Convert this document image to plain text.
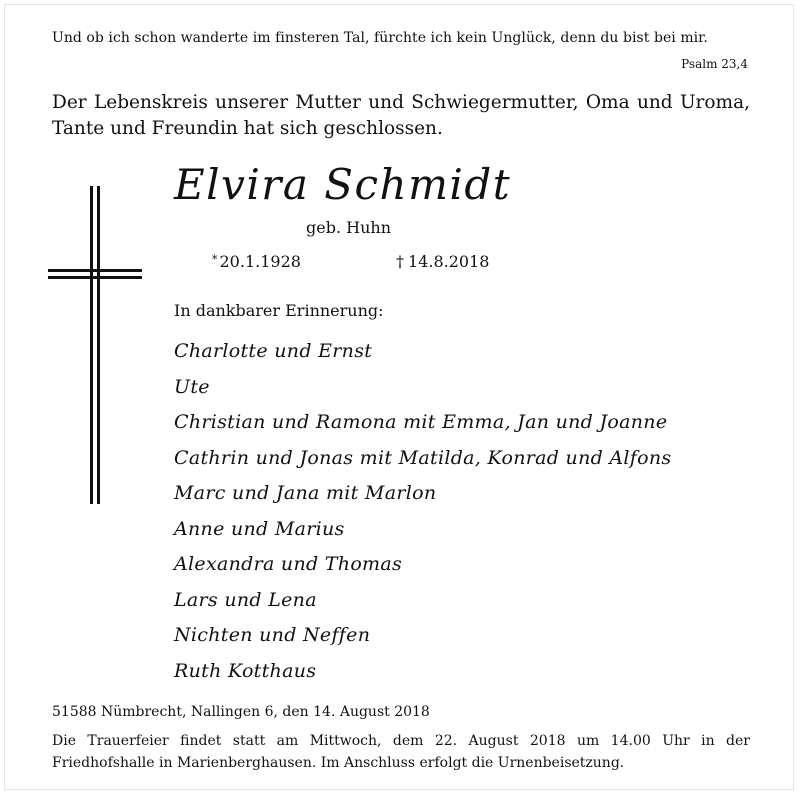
Und ob ich schon wanderte im finsteren Tal, fürchte ich kein Unglück, denn du bist bei mir.
Psalm 23,4
Der Lebenskreis unserer Mutter und Schwiegermutter, Oma und Uroma, Tante und Freundin hat sich geschlossen.
Elvira Schmidt
geb. Huhn
* 20.1.1928	† 14.8.2018
In dankbarer Erinnerung:
Charlotte und Ernst
Ute
Christian und Ramona mit Emma, Jan und Joanne
Cathrin und Jonas mit Matilda, Konrad und Alfons
Marc und Jana mit Marlon
Anne und Marius
Alexandra und Thomas
Lars und Lena
Nichten und Neffen
Ruth Kotthaus
51588 Nümbrecht, Nallingen 6, den 14. August 2018
Die Trauerfeier findet statt am Mittwoch, dem 22. August 2018 um 14.00 Uhr in der Friedhofshalle in Marienberghausen. Im Anschluss erfolgt die Urnenbeisetzung.
